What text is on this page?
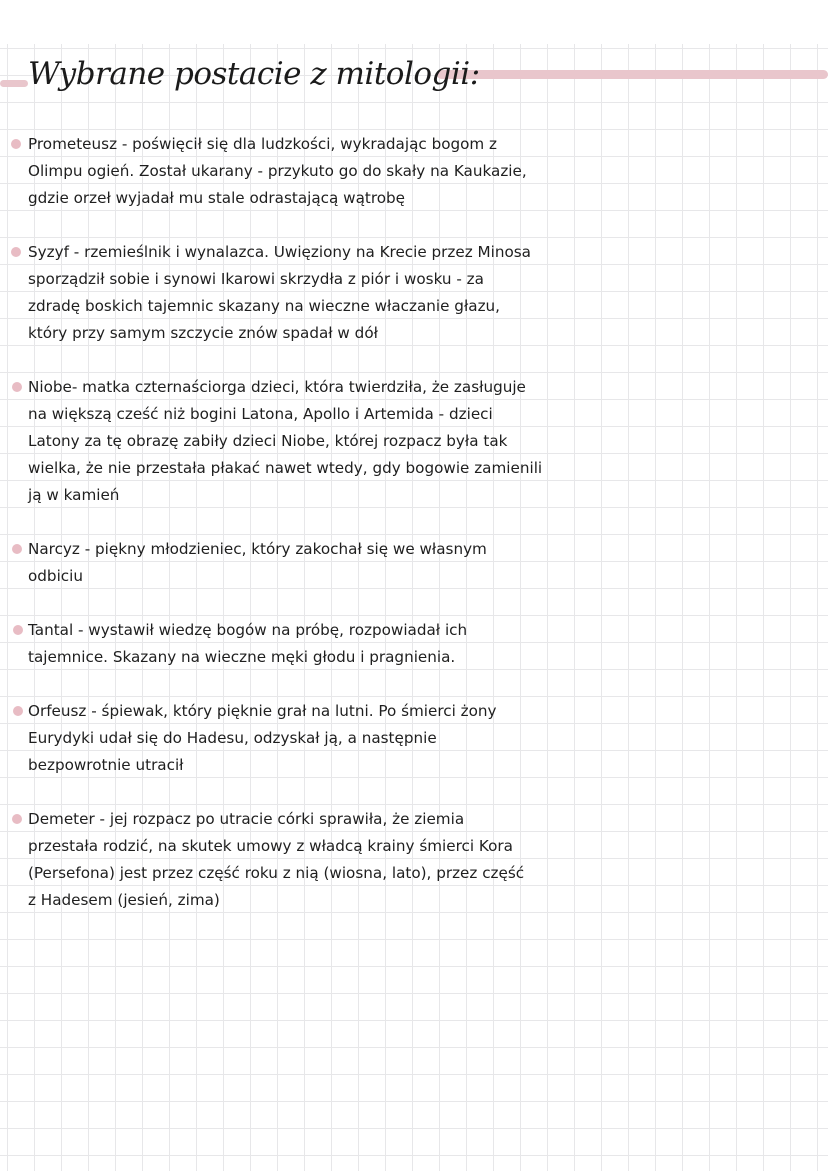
Wybrane postacie z mitologii:

Prometeusz - poświęcił się dla ludzkości, wykradając bogom z

Olimpu ogień. Został ukarany - przykuto go do skały na Kaukazie,

gdzie orzeł wyjadał mu stale odrastającą wątrobę

Syzyf - rzemieślnik i wynalazca. Uwięziony na Krecie przez Minosa

sporządził sobie i synowi Ikarowi skrzydła z piór i wosku - za

zdradę boskich tajemnic skazany na wieczne właczanie głazu,

który przy samym szczycie znów spadał w dół

Niobe- matka czternaściorga dzieci, która twierdziła, że zasługuje

na większą cześć niż bogini Latona, Apollo i Artemida - dzieci

Latony za tę obrazę zabiły dzieci Niobe, której rozpacz była tak

wielka, że nie przestała płakać nawet wtedy, gdy bogowie zamienili

ją w kamień

Narcyz - piękny młodzieniec, który zakochał się we własnym

odbiciu

Tantal - wystawił wiedzę bogów na próbę, rozpowiadał ich

tajemnice. Skazany na wieczne męki głodu i pragnienia.

Orfeusz - śpiewak, który pięknie grał na lutni. Po śmierci żony

Eurydyki udał się do Hadesu, odzyskał ją, a następnie

bezpowrotnie utracił

Demeter - jej rozpacz po utracie córki sprawiła, że ziemia

przestała rodzić, na skutek umowy z władcą krainy śmierci Kora

(Persefona) jest przez część roku z nią (wiosna, lato), przez część

z Hadesem (jesień, zima)
